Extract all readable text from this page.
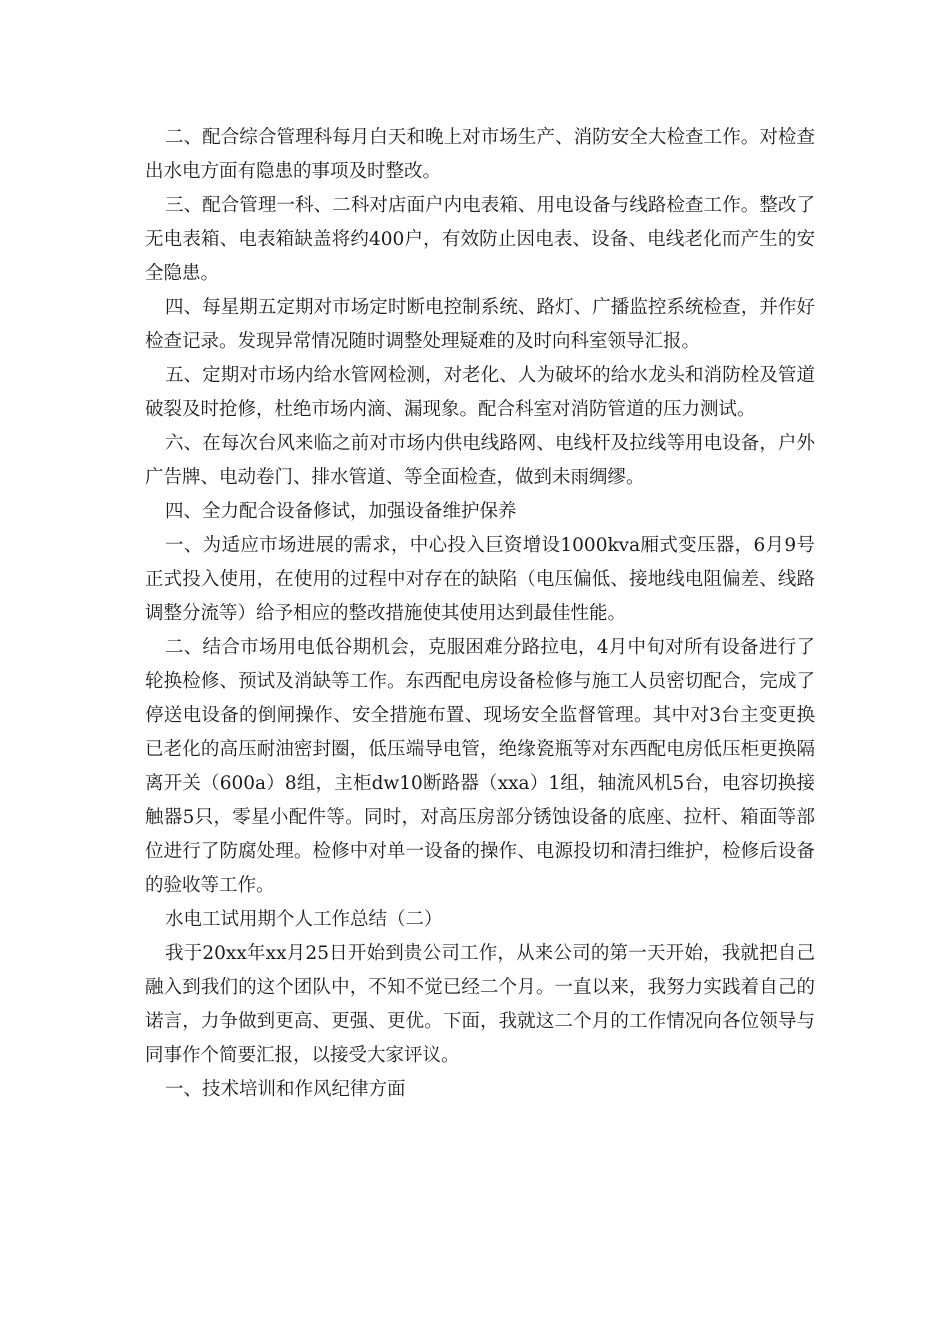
二、配合综合管理科每月白天和晚上对市场生产、消防安全大检查工作。对检查出水电方面有隐患的事项及时整改。

三、配合管理一科、二科对店面户内电表箱、用电设备与线路检查工作。整改了无电表箱、电表箱缺盖将约400户，有效防止因电表、设备、电线老化而产生的安全隐患。

四、每星期五定期对市场定时断电控制系统、路灯、广播监控系统检查，并作好检查记录。发现异常情况随时调整处理疑难的及时向科室领导汇报。

五、定期对市场内给水管网检测，对老化、人为破坏的给水龙头和消防栓及管道破裂及时抢修，杜绝市场内滴、漏现象。配合科室对消防管道的压力测试。

六、在每次台风来临之前对市场内供电线路网、电线杆及拉线等用电设备，户外广告牌、电动卷门、排水管道、等全面检查，做到未雨绸缪。

四、全力配合设备修试，加强设备维护保养

一、为适应市场进展的需求，中心投入巨资增设1000kva厢式变压器，6月9号正式投入使用，在使用的过程中对存在的缺陷（电压偏低、接地线电阻偏差、线路调整分流等）给予相应的整改措施使其使用达到最佳性能。

二、结合市场用电低谷期机会，克服困难分路拉电，4月中旬对所有设备进行了轮换检修、预试及消缺等工作。东西配电房设备检修与施工人员密切配合，完成了停送电设备的倒闸操作、安全措施布置、现场安全监督管理。其中对3台主变更换已老化的高压耐油密封圈，低压端导电管，绝缘瓷瓶等对东西配电房低压柜更换隔离开关（600a）8组，主柜dw10断路器（xxa）1组，轴流风机5台，电容切换接触器5只，零星小配件等。同时，对高压房部分锈蚀设备的底座、拉杆、箱面等部位进行了防腐处理。检修中对单一设备的操作、电源投切和清扫维护，检修后设备的验收等工作。

水电工试用期个人工作总结（二）

我于20xx年xx月25日开始到贵公司工作，从来公司的第一天开始，我就把自己融入到我们的这个团队中，不知不觉已经二个月。一直以来，我努力实践着自己的诺言，力争做到更高、更强、更优。下面，我就这二个月的工作情况向各位领导与同事作个简要汇报，以接受大家评议。

一、技术培训和作风纪律方面
